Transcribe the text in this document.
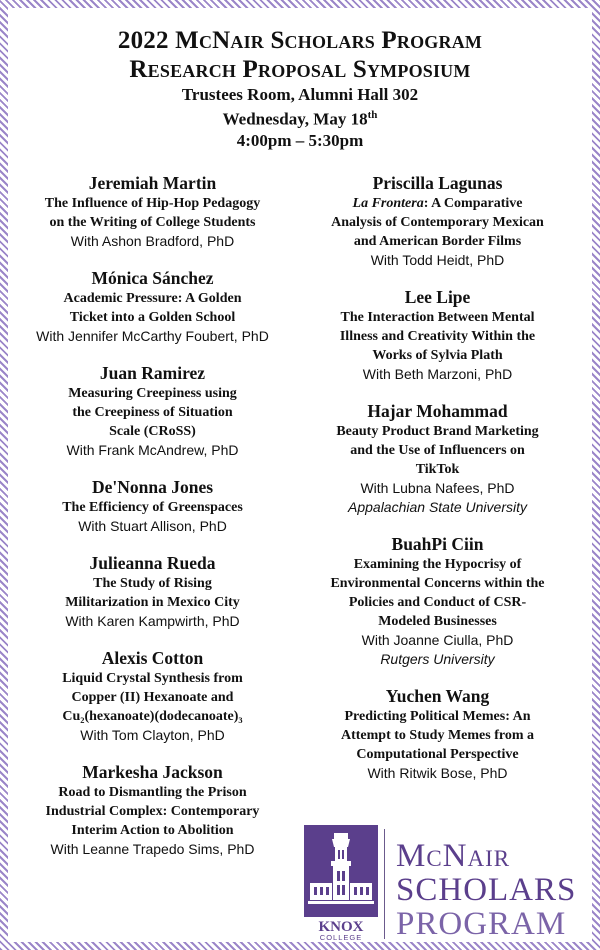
2022 McNair Scholars Program
Research Proposal Symposium
Trustees Room, Alumni Hall 302
Wednesday, May 18th
4:00pm – 5:30pm
Jeremiah Martin
The Influence of Hip-Hop Pedagogy
on the Writing of College Students
With Ashon Bradford, PhD
Mónica Sánchez
Academic Pressure: A Golden
Ticket into a Golden School
With Jennifer McCarthy Foubert, PhD
Juan Ramirez
Measuring Creepiness using
the Creepiness of Situation
Scale (CRoSS)
With Frank McAndrew, PhD
De'Nonna Jones
The Efficiency of Greenspaces
With Stuart Allison, PhD
Julieanna Rueda
The Study of Rising
Militarization in Mexico City
With Karen Kampwirth, PhD
Alexis Cotton
Liquid Crystal Synthesis from
Copper (II) Hexanoate and
Cu₂(hexanoate)(dodecanoate)₃
With Tom Clayton, PhD
Markesha Jackson
Road to Dismantling the Prison
Industrial Complex: Contemporary
Interim Action to Abolition
With Leanne Trapedo Sims, PhD
Priscilla Lagunas
La Frontera: A Comparative
Analysis of Contemporary Mexican
and American Border Films
With Todd Heidt, PhD
Lee Lipe
The Interaction Between Mental
Illness and Creativity Within the
Works of Sylvia Plath
With Beth Marzoni, PhD
Hajar Mohammad
Beauty Product Brand Marketing
and the Use of Influencers on
TikTok
With Lubna Nafees, PhD
Appalachian State University
BuahPi Ciin
Examining the Hypocrisy of
Environmental Concerns within the
Policies and Conduct of CSR-
Modeled Businesses
With Joanne Ciulla, PhD
Rutgers University
Yuchen Wang
Predicting Political Memes: An
Attempt to Study Memes from a
Computational Perspective
With Ritwik Bose, PhD
KNOX
COLLEGE
McNair
SCHOLARS
PROGRAM
